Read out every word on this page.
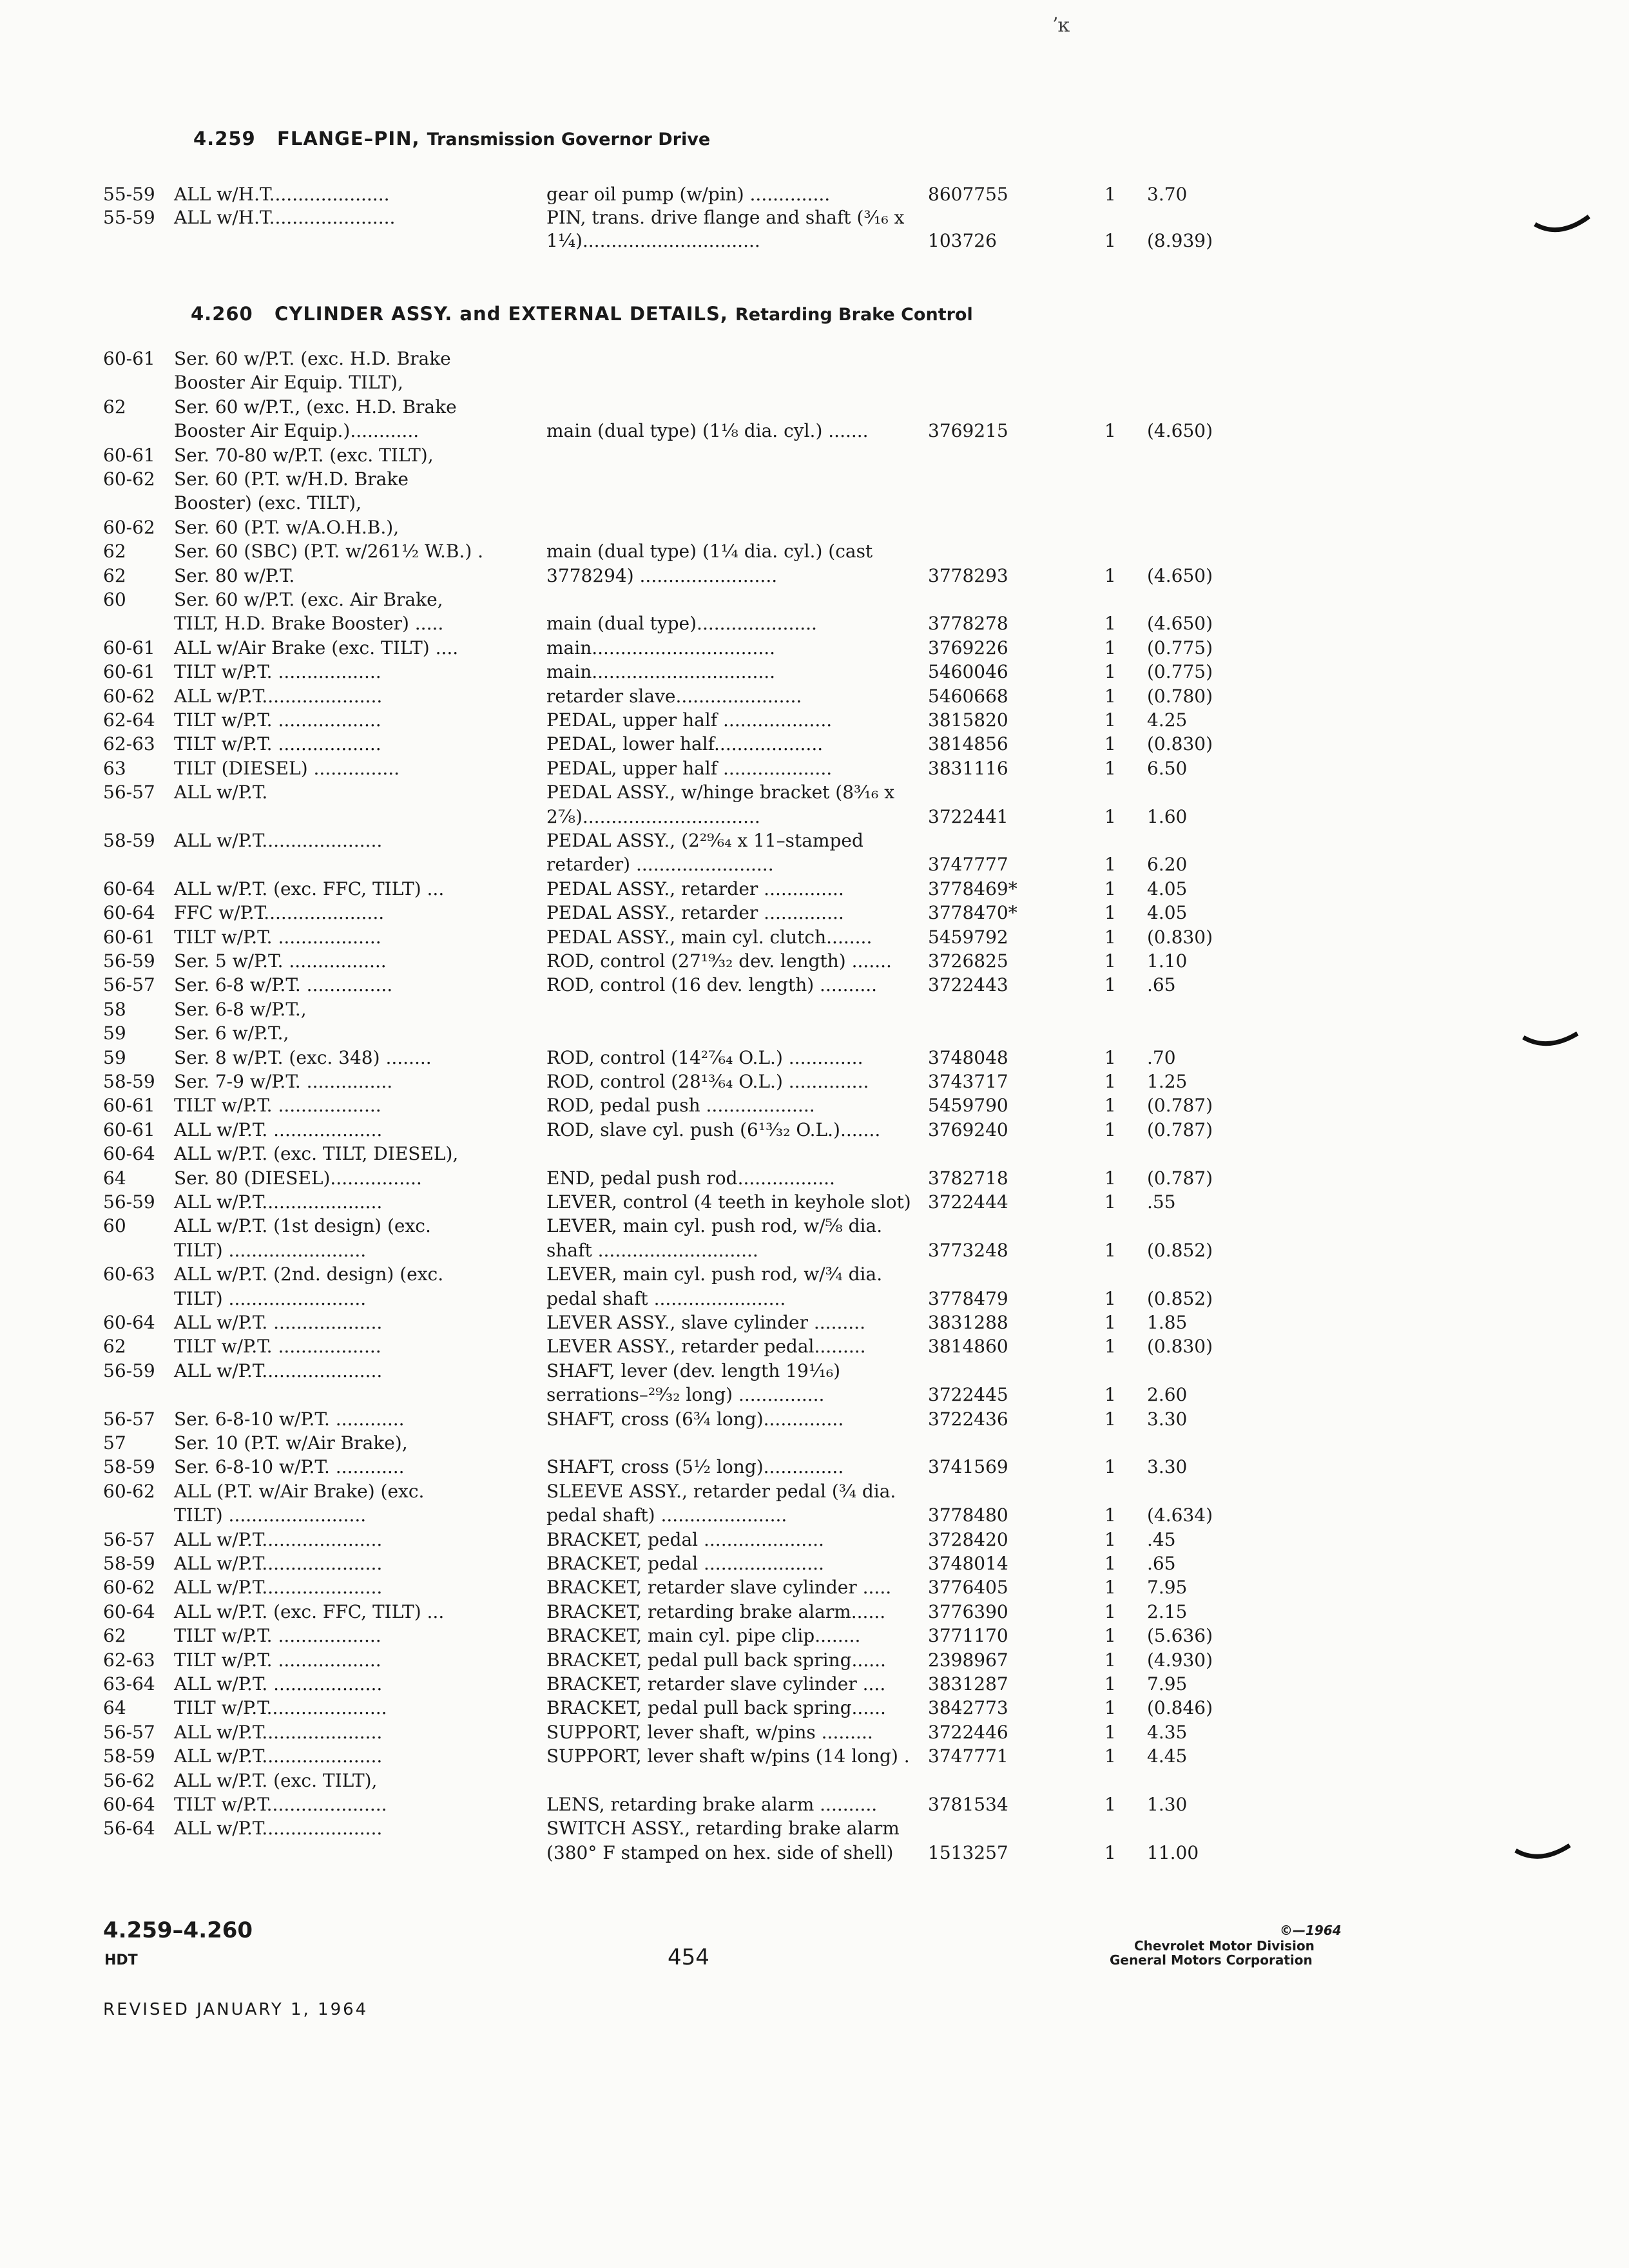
ʼĸ
4.259 FLANGE–PIN, Transmission Governor Drive
55-59 ALL w/H.T.....................	gear oil pump (w/pin) ..............	8607755	1 3.70
55-59 ALL w/H.T......................	PIN, trans. drive flange and shaft (³⁄₁₆ x
1¹⁄₄)...............................	103726	1 (8.939)
4.260 CYLINDER ASSY. and EXTERNAL DETAILS, Retarding Brake Control
60-61 Ser. 60 w/P.T. (exc. H.D. Brake
Booster Air Equip. TILT),
62	Ser. 60 w/P.T., (exc. H.D. Brake
Booster Air Equip.)............	main (dual type) (1¹⁄₈ dia. cyl.) .......	3769215	1 (4.650)
60-61 Ser. 70-80 w/P.T. (exc. TILT),
60-62 Ser. 60 (P.T. w/H.D. Brake
Booster) (exc. TILT),
60-62 Ser. 60 (P.T. w/A.O.H.B.),
62	Ser. 60 (SBC) (P.T. w/261¹⁄₂ W.B.) .	main (dual type) (1¹⁄₄ dia. cyl.) (cast
62	Ser. 80 w/P.T.	3778294) ........................	3778293	1 (4.650)
60	Ser. 60 w/P.T. (exc. Air Brake,
TILT, H.D. Brake Booster) .....	main (dual type).....................	3778278	1 (4.650)
60-61 ALL w/Air Brake (exc. TILT) ....	main................................	3769226	1 (0.775)
60-61 TILT w/P.T. ..................	main................................	5460046	1 (0.775)
60-62 ALL w/P.T.....................	retarder slave......................	5460668	1 (0.780)
62-64 TILT w/P.T. ..................	PEDAL, upper half ...................	3815820	1 4.25
62-63 TILT w/P.T. ..................	PEDAL, lower half...................	3814856	1 (0.830)
63	TILT (DIESEL) ...............	PEDAL, upper half ...................	3831116	1 6.50
56-57 ALL w/P.T.	PEDAL ASSY., w/hinge bracket (8³⁄₁₆ x
2⁷⁄₈)...............................	3722441	1 1.60
58-59 ALL w/P.T.....................	PEDAL ASSY., (2²⁹⁄₆₄ x 11–stamped
retarder) ........................	3747777	1 6.20
60-64 ALL w/P.T. (exc. FFC, TILT) ...	PEDAL ASSY., retarder ..............	3778469*	1 4.05
60-64 FFC w/P.T.....................	PEDAL ASSY., retarder ..............	3778470*	1 4.05
60-61 TILT w/P.T. ..................	PEDAL ASSY., main cyl. clutch........	5459792	1 (0.830)
56-59 Ser. 5 w/P.T. .................	ROD, control (27¹⁹⁄₃₂ dev. length) ....... 3726825	1 1.10
56-57 Ser. 6-8 w/P.T. ...............	ROD, control (16 dev. length) ..........	3722443	1 .65
58	Ser. 6-8 w/P.T.,
59	Ser. 6 w/P.T.,
59	Ser. 8 w/P.T. (exc. 348) ........	ROD, control (14²⁷⁄₆₄ O.L.) .............	3748048	1 .70
58-59 Ser. 7-9 w/P.T. ...............	ROD, control (28¹³⁄₆₄ O.L.) ..............	3743717	1 1.25
60-61 TILT w/P.T. ..................	ROD, pedal push ...................	5459790	1 (0.787)
60-61 ALL w/P.T. ...................	ROD, slave cyl. push (6¹³⁄₃₂ O.L.).......	3769240	1 (0.787)
60-64 ALL w/P.T. (exc. TILT, DIESEL),
64	Ser. 80 (DIESEL)................	END, pedal push rod.................	3782718	1 (0.787)
56-59 ALL w/P.T.....................	LEVER, control (4 teeth in keyhole slot) 3722444	1 .55
60	ALL w/P.T. (1st design) (exc.	LEVER, main cyl. push rod, w/⁵⁄₈ dia.
TILT) ........................	shaft ............................	3773248	1 (0.852)
60-63 ALL w/P.T. (2nd. design) (exc.	LEVER, main cyl. push rod, w/³⁄₄ dia.
TILT) ........................	pedal shaft .......................	3778479	1 (0.852)
60-64 ALL w/P.T. ...................	LEVER ASSY., slave cylinder .........	3831288	1 1.85
62	TILT w/P.T. ..................	LEVER ASSY., retarder pedal.........	3814860	1 (0.830)
56-59 ALL w/P.T.....................	SHAFT, lever (dev. length 19¹⁄₁₆)
serrations–²⁹⁄₃₂ long) ...............	3722445	1 2.60
56-57 Ser. 6-8-10 w/P.T. ............	SHAFT, cross (6³⁄₄ long)..............	3722436	1 3.30
57	Ser. 10 (P.T. w/Air Brake),
58-59 Ser. 6-8-10 w/P.T. ............	SHAFT, cross (5¹⁄₂ long)..............	3741569	1 3.30
60-62 ALL (P.T. w/Air Brake) (exc.	SLEEVE ASSY., retarder pedal (³⁄₄ dia.
TILT) ........................	pedal shaft) ......................	3778480	1 (4.634)
56-57 ALL w/P.T.....................	BRACKET, pedal .....................	3728420	1 .45
58-59 ALL w/P.T.....................	BRACKET, pedal .....................	3748014	1 .65
60-62 ALL w/P.T.....................	BRACKET, retarder slave cylinder ..... 3776405	1 7.95
60-64 ALL w/P.T. (exc. FFC, TILT) ...	BRACKET, retarding brake alarm...... 3776390	1 2.15
62	TILT w/P.T. ..................	BRACKET, main cyl. pipe clip........	3771170	1 (5.636)
62-63 TILT w/P.T. ..................	BRACKET, pedal pull back spring...... 2398967	1 (4.930)
63-64 ALL w/P.T. ...................	BRACKET, retarder slave cylinder .... 3831287	1 7.95
64	TILT w/P.T.....................	BRACKET, pedal pull back spring...... 3842773	1 (0.846)
56-57 ALL w/P.T.....................	SUPPORT, lever shaft, w/pins .........	3722446	1 4.35
58-59 ALL w/P.T.....................	SUPPORT, lever shaft w/pins (14 long) . 3747771	1 4.45
56-62 ALL w/P.T. (exc. TILT),
60-64 TILT w/P.T.....................	LENS, retarding brake alarm ..........	3781534	1 1.30
56-64 ALL w/P.T.....................	SWITCH ASSY., retarding brake alarm
(380° F stamped on hex. side of shell) 1513257	1 11.00
4.259–4.260
HDT	454
REVISED JANUARY 1, 1964
©—1964
Chevrolet Motor Division
General Motors Corporation
